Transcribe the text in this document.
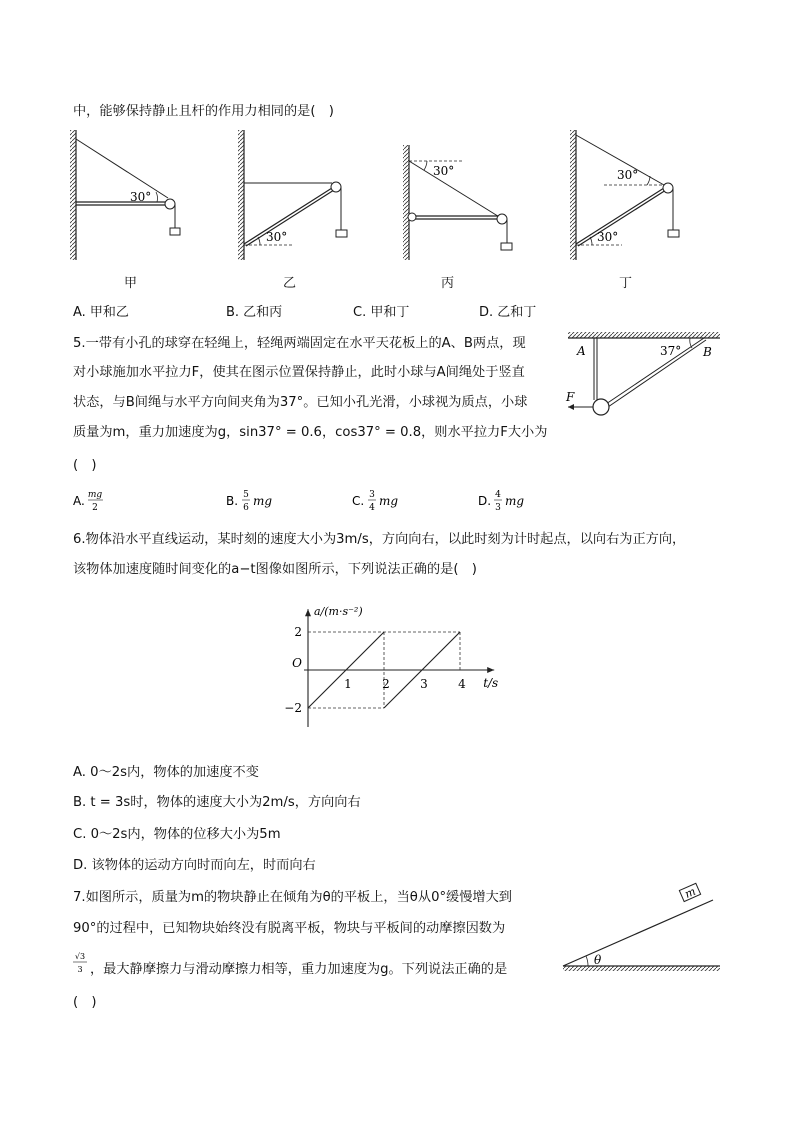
中，能够保持静止且杆的作用力相同的是(　)
30°
30°
30°
30°
30°
甲	乙	丙	丁
A. 甲和乙	B. 乙和丙	C. 甲和丁	D. 乙和丁
5.一带有小孔的球穿在轻绳上，轻绳两端固定在水平天花板上的A、B两点，现
对小球施加水平拉力F，使其在图示位置保持静止，此时小球与A间绳处于竖直
状态，与B间绳与水平方向间夹角为37°。已知小孔光滑，小球视为质点，小球
质量为m，重力加速度为g，sin37° = 0.6，cos37° = 0.8，则水平拉力F大小为
(　)
A	B
F
37°
A. mg
2	B. 5
6 mg	C. 3
4 mg	D. 4
3 mg
6.物体沿水平直线运动，某时刻的速度大小为3m/s，方向向右，以此时刻为计时起点，以向右为正方向，
该物体加速度随时间变化的a−t图像如图所示，下列说法正确的是(　)
1	2	3	4
2
−2
O
t/s
a/(m·s⁻²)
A. 0～2s内，物体的加速度不变
B. t = 3s时，物体的速度大小为2m/s，方向向右
C. 0～2s内，物体的位移大小为5m
D. 该物体的运动方向时而向左，时而向右
7.如图所示，质量为m的物块静止在倾角为θ的平板上，当θ从0°缓慢增大到
90°的过程中，已知物块始终没有脱离平板，物块与平板间的动摩擦因数为
√3
3 ，最大静摩擦力与滑动摩擦力相等，重力加速度为g。下列说法正确的是
(　)
m
θ
